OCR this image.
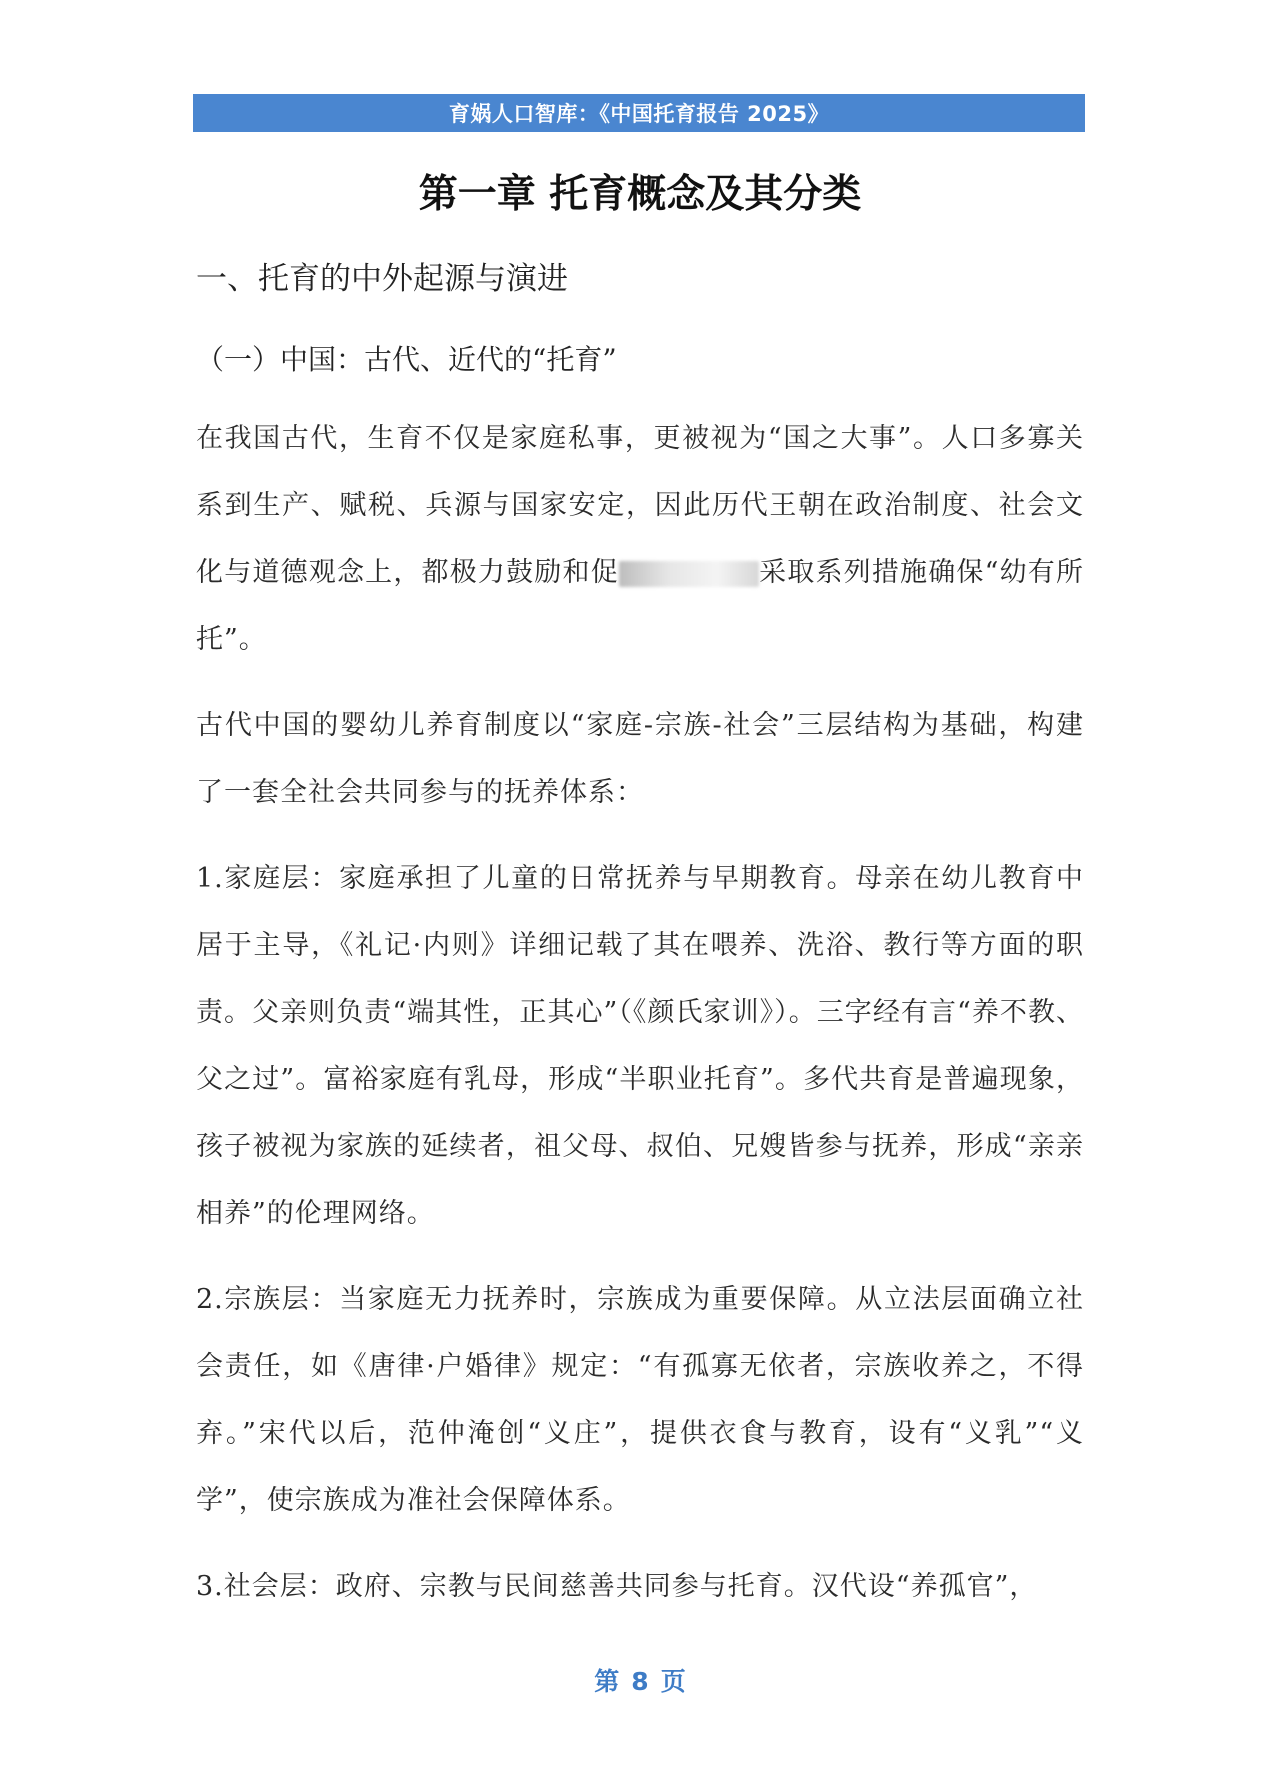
育娲人口智库：《中国托育报告 2025》
第一章 托育概念及其分类
一、托育的中外起源与演进
（一）中国：古代、近代的“托育”

在我国古代，生育不仅是家庭私事，更被视为“国之大事”。人口多寡关系到生产、赋税、兵源与国家安定，因此历代王朝在政治制度、社会文化与道德观念上，都极力鼓励和促	采取系列措施确保“幼有所托”。

古代中国的婴幼儿养育制度以“家庭-宗族-社会”三层结构为基础，构建了一套全社会共同参与的抚养体系：

1.家庭层：家庭承担了儿童的日常抚养与早期教育。母亲在幼儿教育中居于主导，《礼记·内则》详细记载了其在喂养、洗浴、教行等方面的职责。父亲则负责“端其性，正其心”（《颜氏家训》）。三字经有言“养不教、父之过”。富裕家庭有乳母，形成“半职业托育”。多代共育是普遍现象，孩子被视为家族的延续者，祖父母、叔伯、兄嫂皆参与抚养，形成“亲亲相养”的伦理网络。

2.宗族层：当家庭无力抚养时，宗族成为重要保障。从立法层面确立社会责任，如《唐律·户婚律》规定：“有孤寡无依者，宗族收养之，不得弃。”宋代以后，范仲淹创“义庄”，提供衣食与教育，设有“义乳”“义学”，使宗族成为准社会保障体系。

3.社会层：政府、宗教与民间慈善共同参与托育。汉代设“养孤官”，

第 8 页
